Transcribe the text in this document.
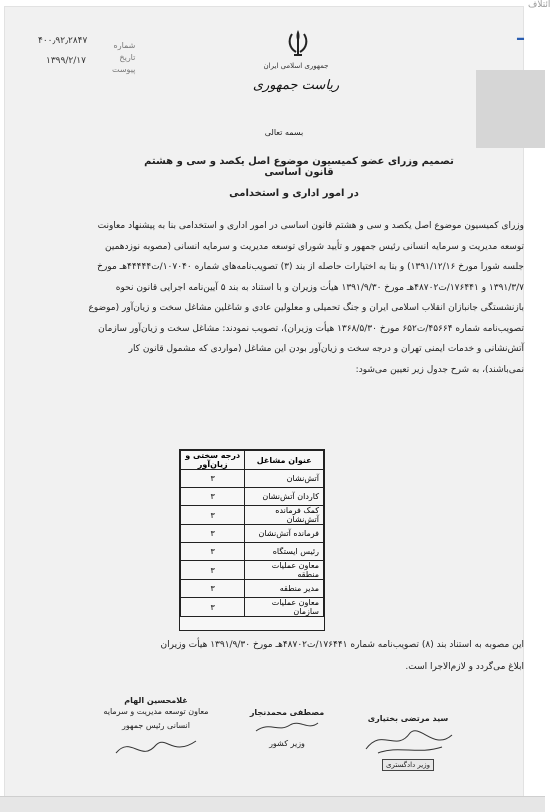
۴۰۰٫۹۲٫۲۸۴۷
۱۳۹۹/۲/۱۷
شماره
تاریخ
پیوست	جمهوری اسلامی ایران
ریاست جمهوری
بسمه تعالی
تصمیم وزرای عضو کمیسیون موضوع اصل یکصد و سی و هشتم قانون اساسی
در امور اداری و استخدامی
وزرای کمیسیون موضوع اصل یکصد و سی و هشتم قانون اساسی در امور اداری و استخدامی بنا به پیشنهاد معاونت توسعه مدیریت و سرمایه انسانی رئیس جمهور و تأیید شورای توسعه مدیریت و سرمایه انسانی (مصوبه نوزدهمین جلسه شورا مورخ ۱۳۹۱/۱۲/۱۶) و بنا به اختیارات حاصله از بند (۳) تصویب‌نامه‌های شماره ۱۰۷۰۴۰/ت۴۴۴۴۴هـ مورخ ۱۳۹۱/۳/۷ و ۱۷۶۴۴۱/ت۴۸۷۰۲هـ مورخ ۱۳۹۱/۹/۳۰ هیأت وزیران و با استناد به بند ۵ آیین‌نامه اجرایی قانون نحوه بازنشستگی جانبازان انقلاب اسلامی ایران و جنگ تحمیلی و معلولین عادی و شاغلین مشاغل سخت و زیان‌آور (موضوع تصویب‌نامه شماره ۴۵۶۶۴/ت۶۵۲ مورخ ۱۳۶۸/۵/۳۰ هیأت وزیران)، تصویب نمودند: مشاغل سخت و زیان‌آور سازمان آتش‌نشانی و خدمات ایمنی تهران و درجه سخت و زیان‌آور بودن این مشاغل (مواردی که مشمول قانون کار نمی‌باشند)، به شرح جدول زیر تعیین می‌شود:
عنوان مشاغل	درجه سختی و زیان‌آور
آتش‌نشان	۳
کاردان آتش‌نشان	۳
کمک فرمانده آتش‌نشان	۳
فرمانده آتش‌نشان	۳
رئیس ایستگاه	۳
معاون عملیات منطقه	۳
مدیر منطقه	۳
معاون عملیات سازمان	۳
این مصوبه به استناد بند (۸) تصویب‌نامه شماره ۱۷۶۴۴۱/ت۴۸۷۰۲هـ مورخ ۱۳۹۱/۹/۳۰ هیأت وزیران
ابلاغ می‌گردد و لازم‌الاجرا است.
غلامحسین الهام
معاون توسعه مدیریت و سرمایه
انسانی رئیس جمهور
مصطفی محمدنجار
وزیر کشور
سید مرتضی بختیاری
وزیر دادگستری
–
ائتلاف
